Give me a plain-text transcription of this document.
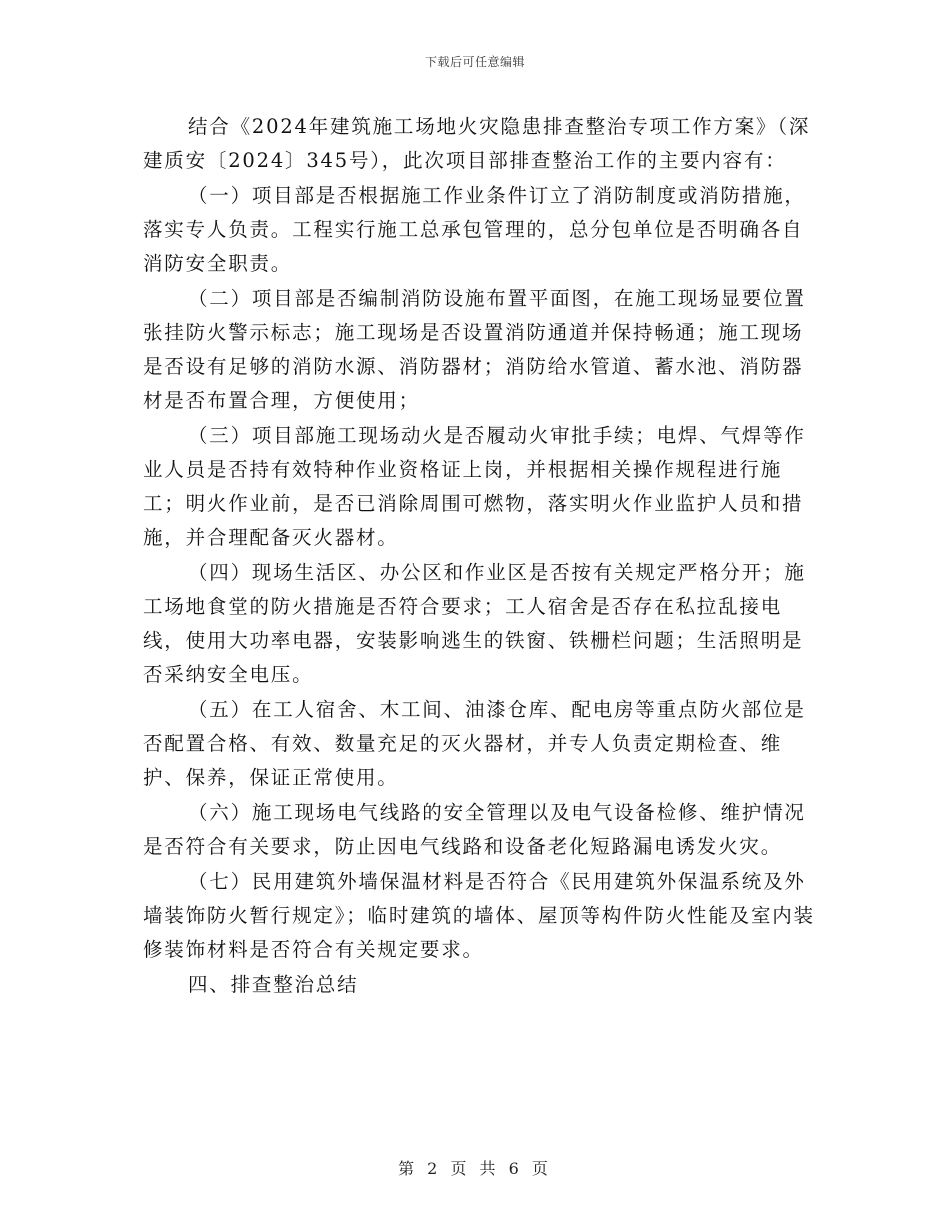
下载后可任意编辑

结合《2024年建筑施工场地火灾隐患排查整治专项工作方案》（深建质安〔2024〕345号），此次项目部排查整治工作的主要内容有：

（一）项目部是否根据施工作业条件订立了消防制度或消防措施，落实专人负责。工程实行施工总承包管理的，总分包单位是否明确各自消防安全职责。

（二）项目部是否编制消防设施布置平面图，在施工现场显要位置张挂防火警示标志；施工现场是否设置消防通道并保持畅通；施工现场是否设有足够的消防水源、消防器材；消防给水管道、蓄水池、消防器材是否布置合理，方便使用；

（三）项目部施工现场动火是否履动火审批手续；电焊、气焊等作业人员是否持有效特种作业资格证上岗，并根据相关操作规程进行施工；明火作业前，是否已消除周围可燃物，落实明火作业监护人员和措施，并合理配备灭火器材。

（四）现场生活区、办公区和作业区是否按有关规定严格分开；施工场地食堂的防火措施是否符合要求；工人宿舍是否存在私拉乱接电线，使用大功率电器，安装影响逃生的铁窗、铁栅栏问题；生活照明是否采纳安全电压。

（五）在工人宿舍、木工间、油漆仓库、配电房等重点防火部位是否配置合格、有效、数量充足的灭火器材，并专人负责定期检查、维护、保养，保证正常使用。

（六）施工现场电气线路的安全管理以及电气设备检修、维护情况是否符合有关要求，防止因电气线路和设备老化短路漏电诱发火灾。

（七）民用建筑外墙保温材料是否符合《民用建筑外保温系统及外墙装饰防火暂行规定》；临时建筑的墙体、屋顶等构件防火性能及室内装修装饰材料是否符合有关规定要求。

四、排查整治总结

第 2 页 共 6 页
